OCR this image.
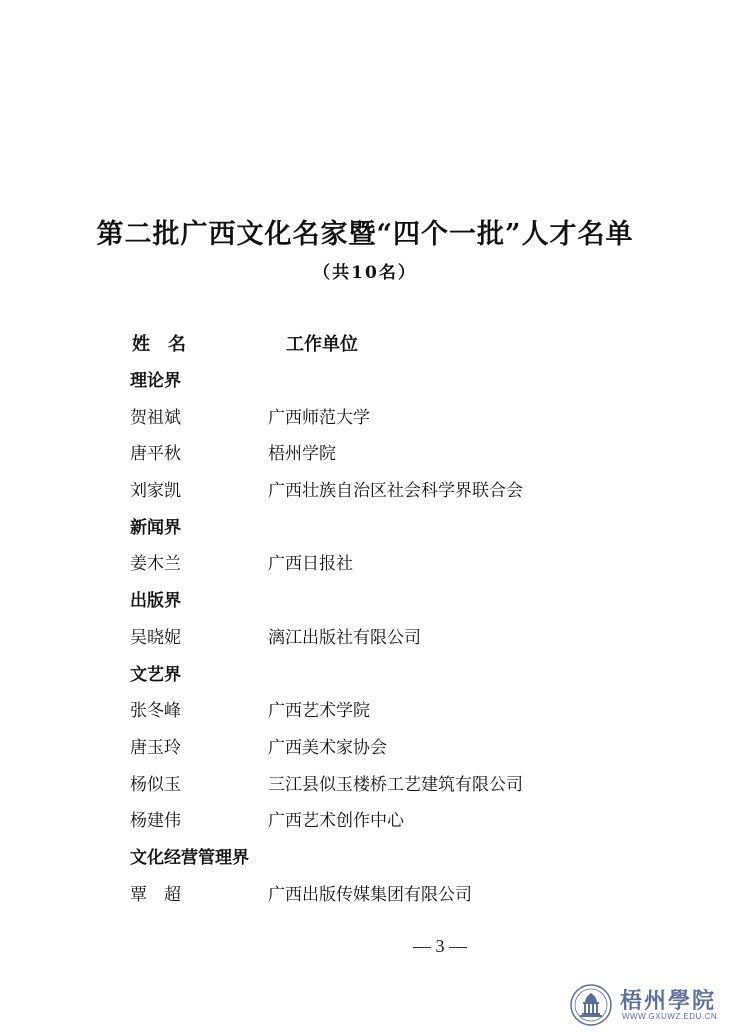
第二批广西文化名家暨“四个一批”人才名单
（共10名）
姓　名	工作单位
理论界
贺祖斌	广西师范大学
唐平秋	梧州学院
刘家凯	广西壮族自治区社会科学界联合会
新闻界
姜木兰	广西日报社
出版界
吴晓妮	漓江出版社有限公司
文艺界
张冬峰	广西艺术学院
唐玉玲	广西美术家协会
杨似玉	三江县似玉楼桥工艺建筑有限公司
杨建伟	广西艺术创作中心
文化经营管理界
覃　超	广西出版传媒集团有限公司
— 3 —
梧州學院
WWW.GXUWZ.EDU.CN
